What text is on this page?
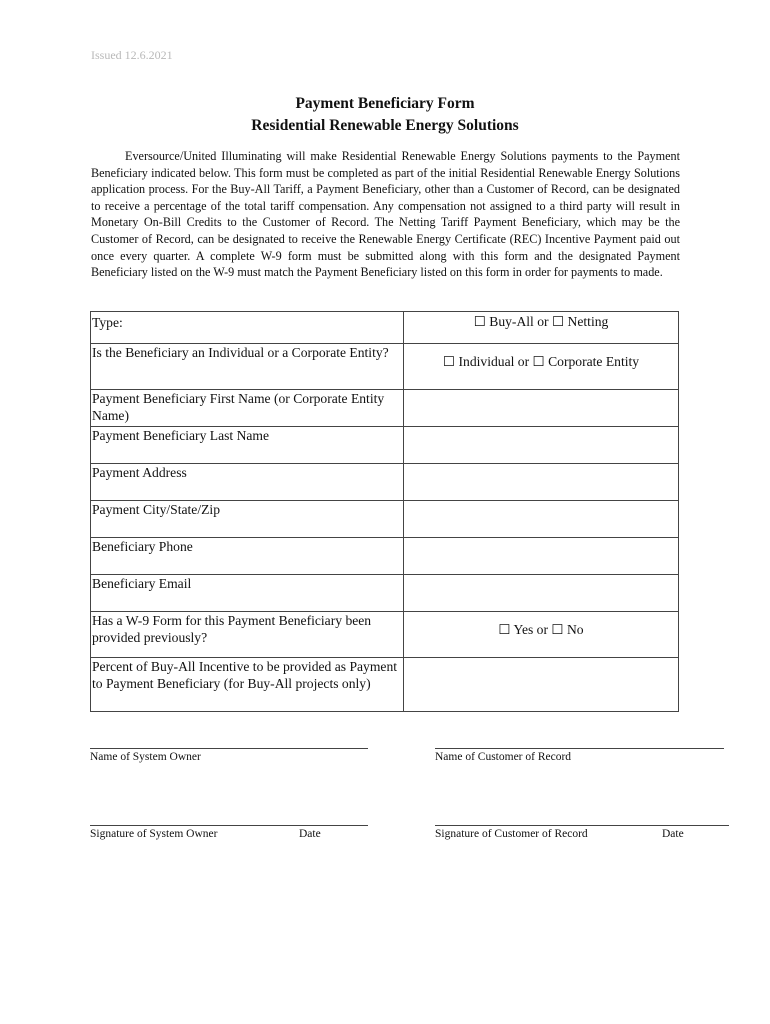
Issued 12.6.2021
Payment Beneficiary Form
Residential Renewable Energy Solutions

Eversource/United Illuminating will make Residential Renewable Energy Solutions payments to the Payment Beneficiary indicated below. This form must be completed as part of the initial Residential Renewable Energy Solutions application process. For the Buy-All Tariff, a Payment Beneficiary, other than a Customer of Record, can be designated to receive a percentage of the total tariff compensation. Any compensation not assigned to a third party will result in Monetary On-Bill Credits to the Customer of Record. The Netting Tariff Payment Beneficiary, which may be the Customer of Record, can be designated to receive the Renewable Energy Certificate (REC) Incentive Payment paid out once every quarter. A complete W-9 form must be submitted along with this form and the designated Payment Beneficiary listed on the W-9 must match the Payment Beneficiary listed on this form in order for payments to made.

Type:	☐ Buy-All or ☐ Netting
Is the Beneficiary an Individual or a Corporate Entity?	☐ Individual or ☐ Corporate Entity
Payment Beneficiary First Name (or Corporate Entity Name)	
Payment Beneficiary Last Name	
Payment Address	
Payment City/State/Zip	
Beneficiary Phone	
Beneficiary Email	
Has a W-9 Form for this Payment Beneficiary been provided previously?	☐ Yes or ☐ No
Percent of Buy-All Incentive to be provided as Payment to Payment Beneficiary (for Buy-All projects only)	
Name of System Owner	Name of Customer of Record
Signature of System Owner	Date	Signature of Customer of Record	Date
